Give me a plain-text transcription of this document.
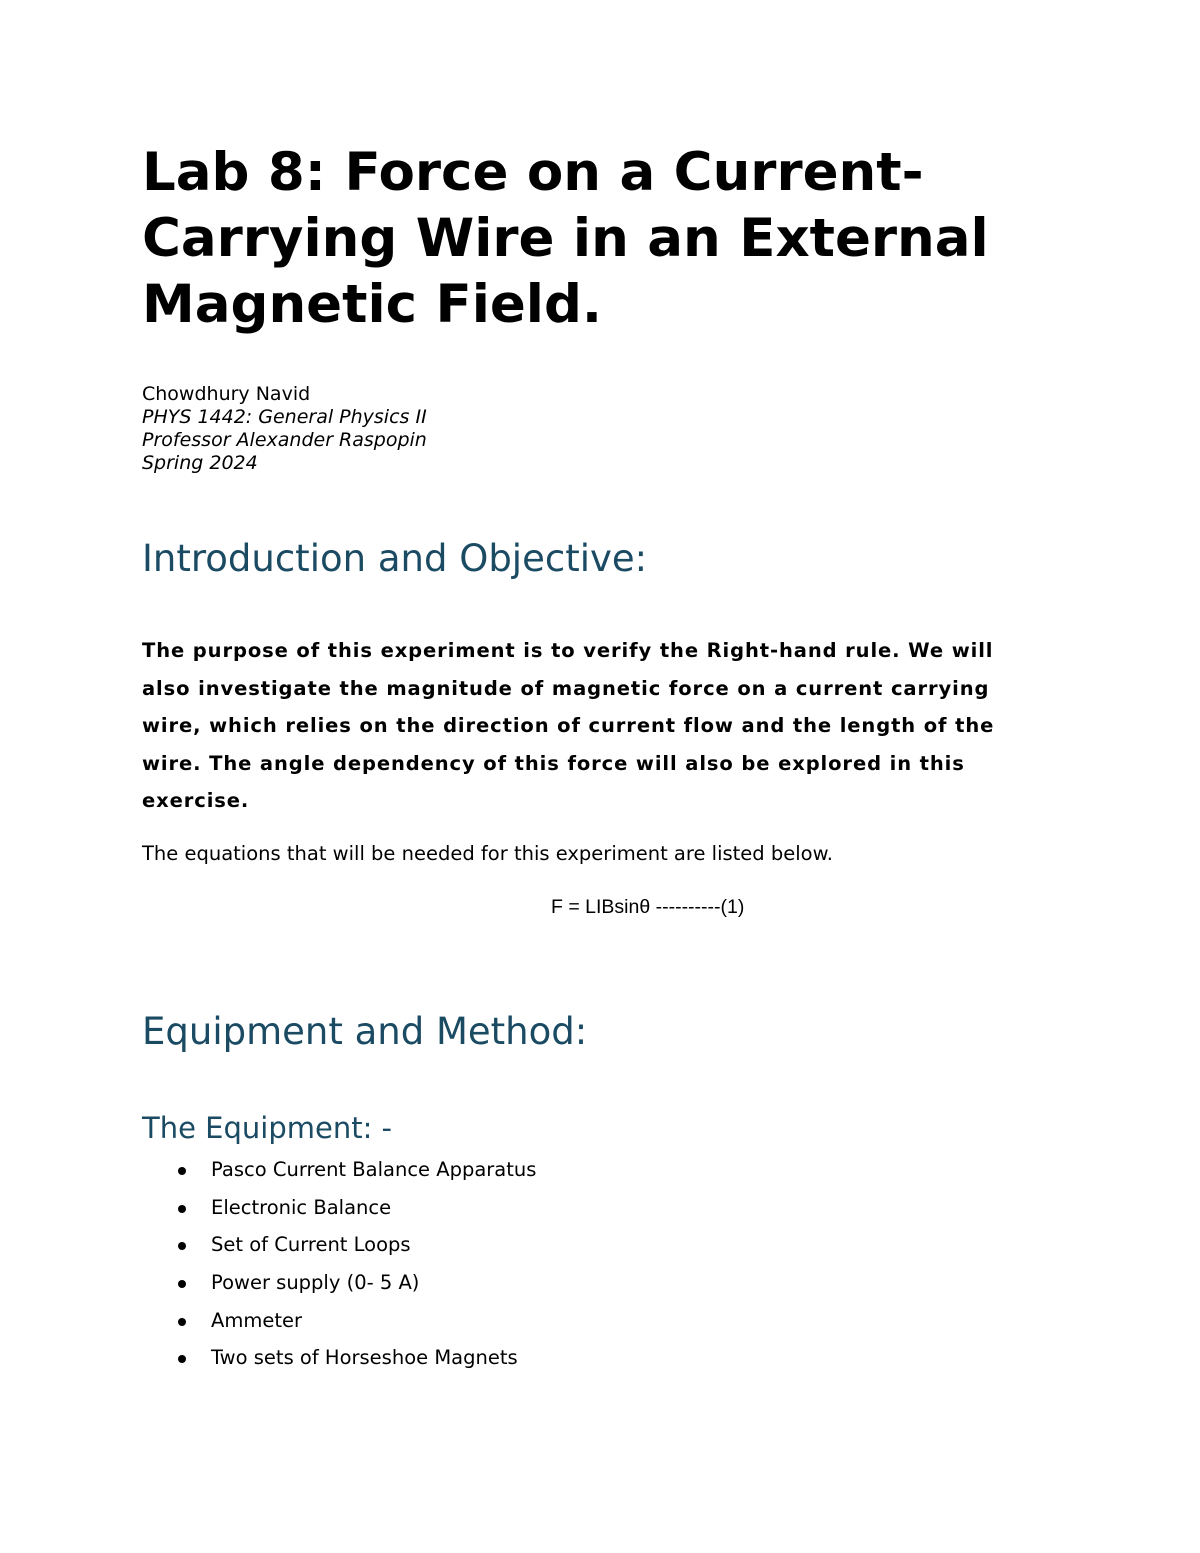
Lab 8: Force on a Current-
Carrying Wire in an External
Magnetic Field.
Chowdhury Navid
PHYS 1442: General Physics II
Professor Alexander Raspopin
Spring 2024
Introduction and Objective:

The purpose of this experiment is to verify the Right-hand rule. We will
also investigate the magnitude of magnetic force on a current carrying
wire, which relies on the direction of current flow and the length of the
wire. The angle dependency of this force will also be explored in this
exercise.

The equations that will be needed for this experiment are listed below.

F = LIBsinθ ----------(1)

Equipment and Method:
The Equipment: -
Pasco Current Balance Apparatus
Electronic Balance
Set of Current Loops
Power supply (0- 5 A)
Ammeter
Two sets of Horseshoe Magnets
